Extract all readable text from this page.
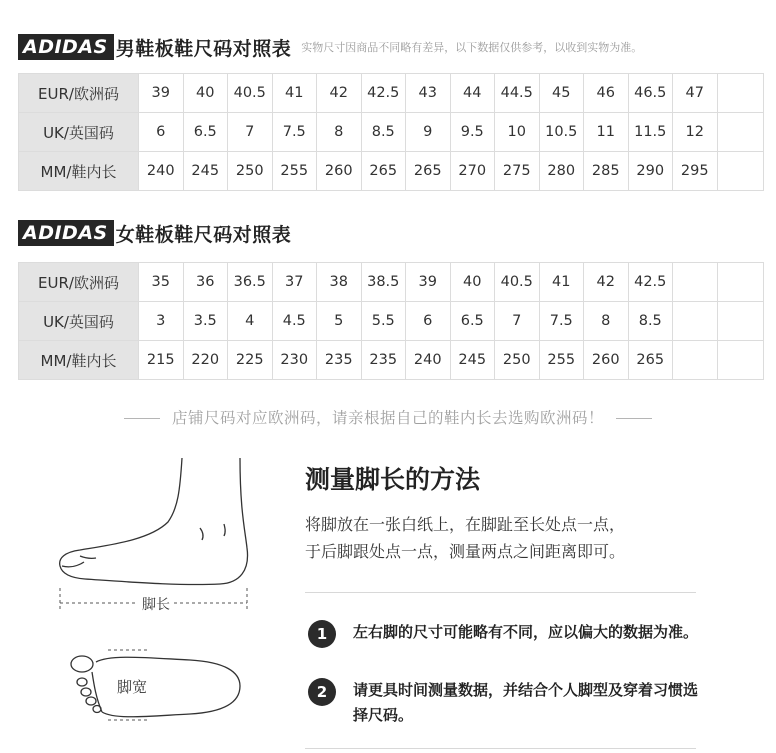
ADIDAS 男鞋板鞋尺码对照表 实物尺寸因商品不同略有差异，以下数据仅供参考，以收到实物为准。
EUR/欧洲码	39	40	40.5	41	42	42.5	43	44	44.5	45	46	46.5	47	
UK/英国码	6	6.5	7	7.5	8	8.5	9	9.5	10	10.5	11	11.5	12	
MM/鞋内长	240	245	250	255	260	265	265	270	275	280	285	290	295	
ADIDAS 女鞋板鞋尺码对照表
EUR/欧洲码	35	36	36.5	37	38	38.5	39	40	40.5	41	42	42.5		
UK/英国码	3	3.5	4	4.5	5	5.5	6	6.5	7	7.5	8	8.5		
MM/鞋内长	215	220	225	230	235	235	240	245	250	255	260	265		
店铺尺码对应欧洲码，请亲根据自己的鞋内长去选购欧洲码！
脚长
脚宽
测量脚长的方法
将脚放在一张白纸上，在脚趾至长处点一点，
于后脚跟处点一点，测量两点之间距离即可。
1	左右脚的尺寸可能略有不同，应以偏大的数据为准。
2	请更具时间测量数据，并结合个人脚型及穿着习惯选择尺码。
